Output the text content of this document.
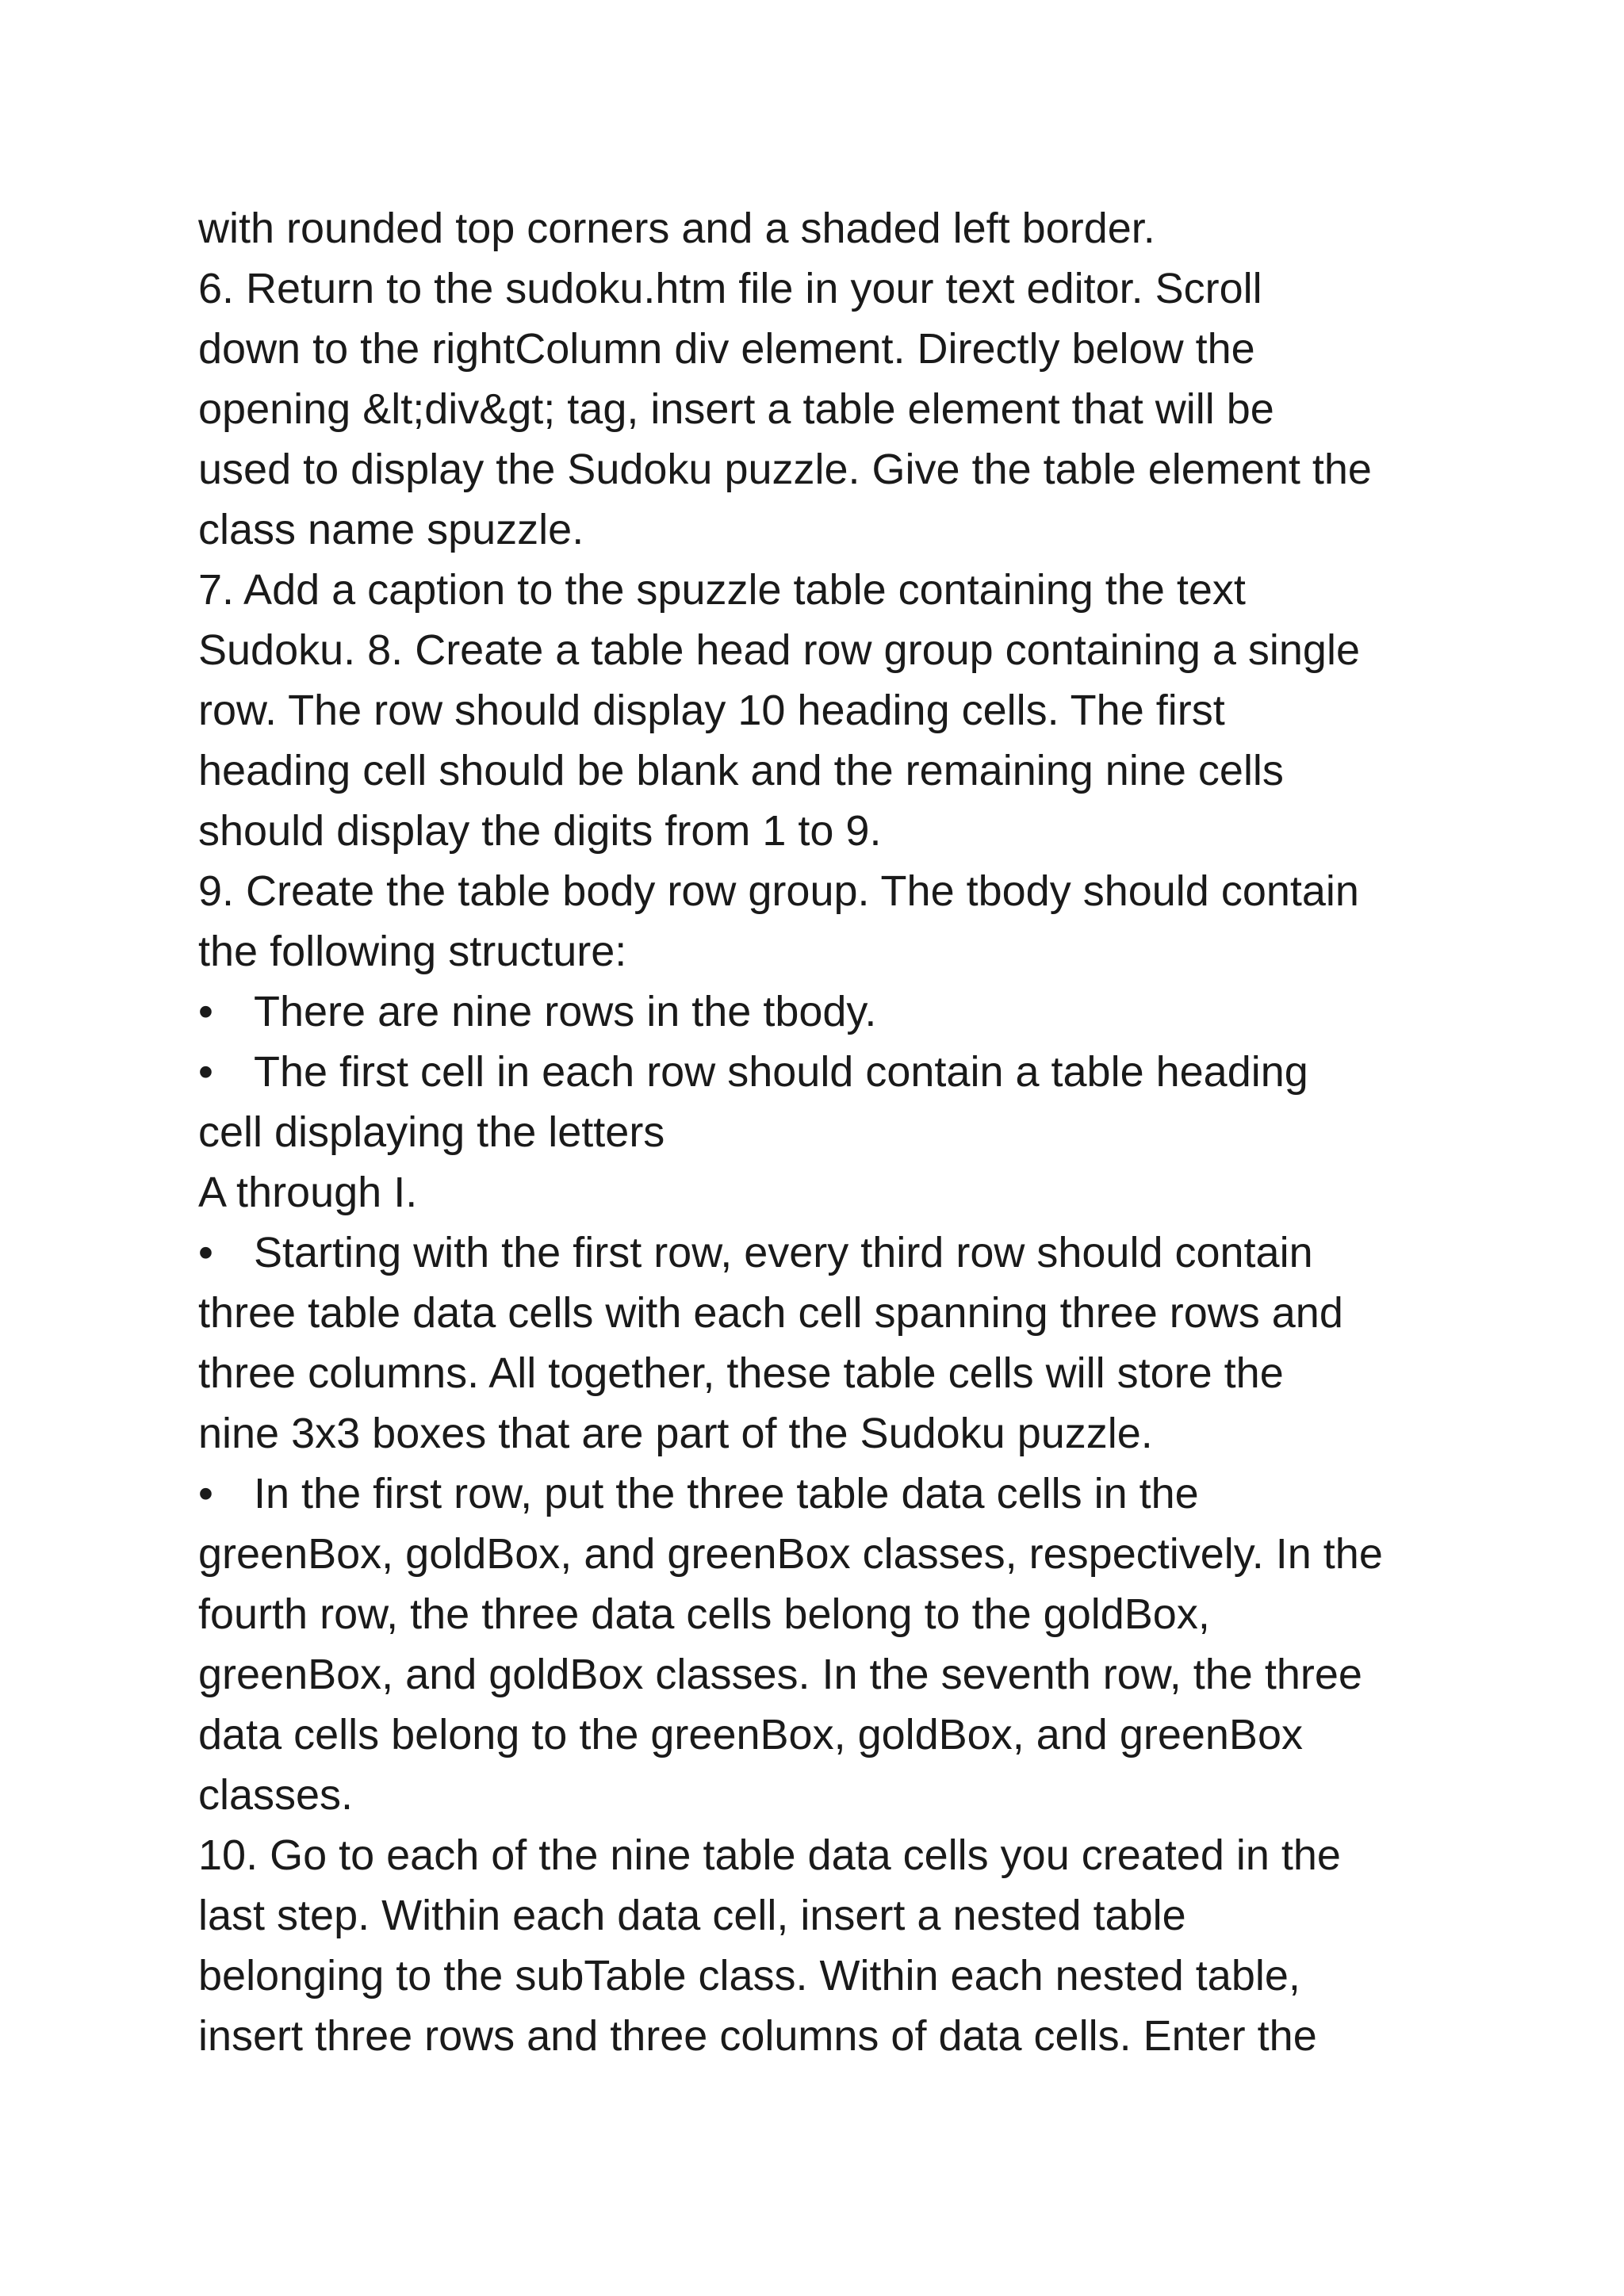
with rounded top corners and a shaded left border.
6. Return to the sudoku.htm file in your text editor. Scroll
down to the rightColumn div element. Directly below the
opening &lt;div&gt; tag, insert a table element that will be
used to display the Sudoku puzzle. Give the table element the
class name spuzzle.
7. Add a caption to the spuzzle table containing the text
Sudoku. 8. Create a table head row group containing a single
row. The row should display 10 heading cells. The first
heading cell should be blank and the remaining nine cells
should display the digits from 1 to 9.
9. Create the table body row group. The tbody should contain
the following structure:
• There are nine rows in the tbody.
• The first cell in each row should contain a table heading
cell displaying the letters
A through I.
• Starting with the first row, every third row should contain
three table data cells with each cell spanning three rows and
three columns. All together, these table cells will store the
nine 3x3 boxes that are part of the Sudoku puzzle.
• In the first row, put the three table data cells in the
greenBox, goldBox, and greenBox classes, respectively. In the
fourth row, the three data cells belong to the goldBox,
greenBox, and goldBox classes. In the seventh row, the three
data cells belong to the greenBox, goldBox, and greenBox
classes.
10. Go to each of the nine table data cells you created in the
last step. Within each data cell, insert a nested table
belonging to the subTable class. Within each nested table,
insert three rows and three columns of data cells. Enter the
